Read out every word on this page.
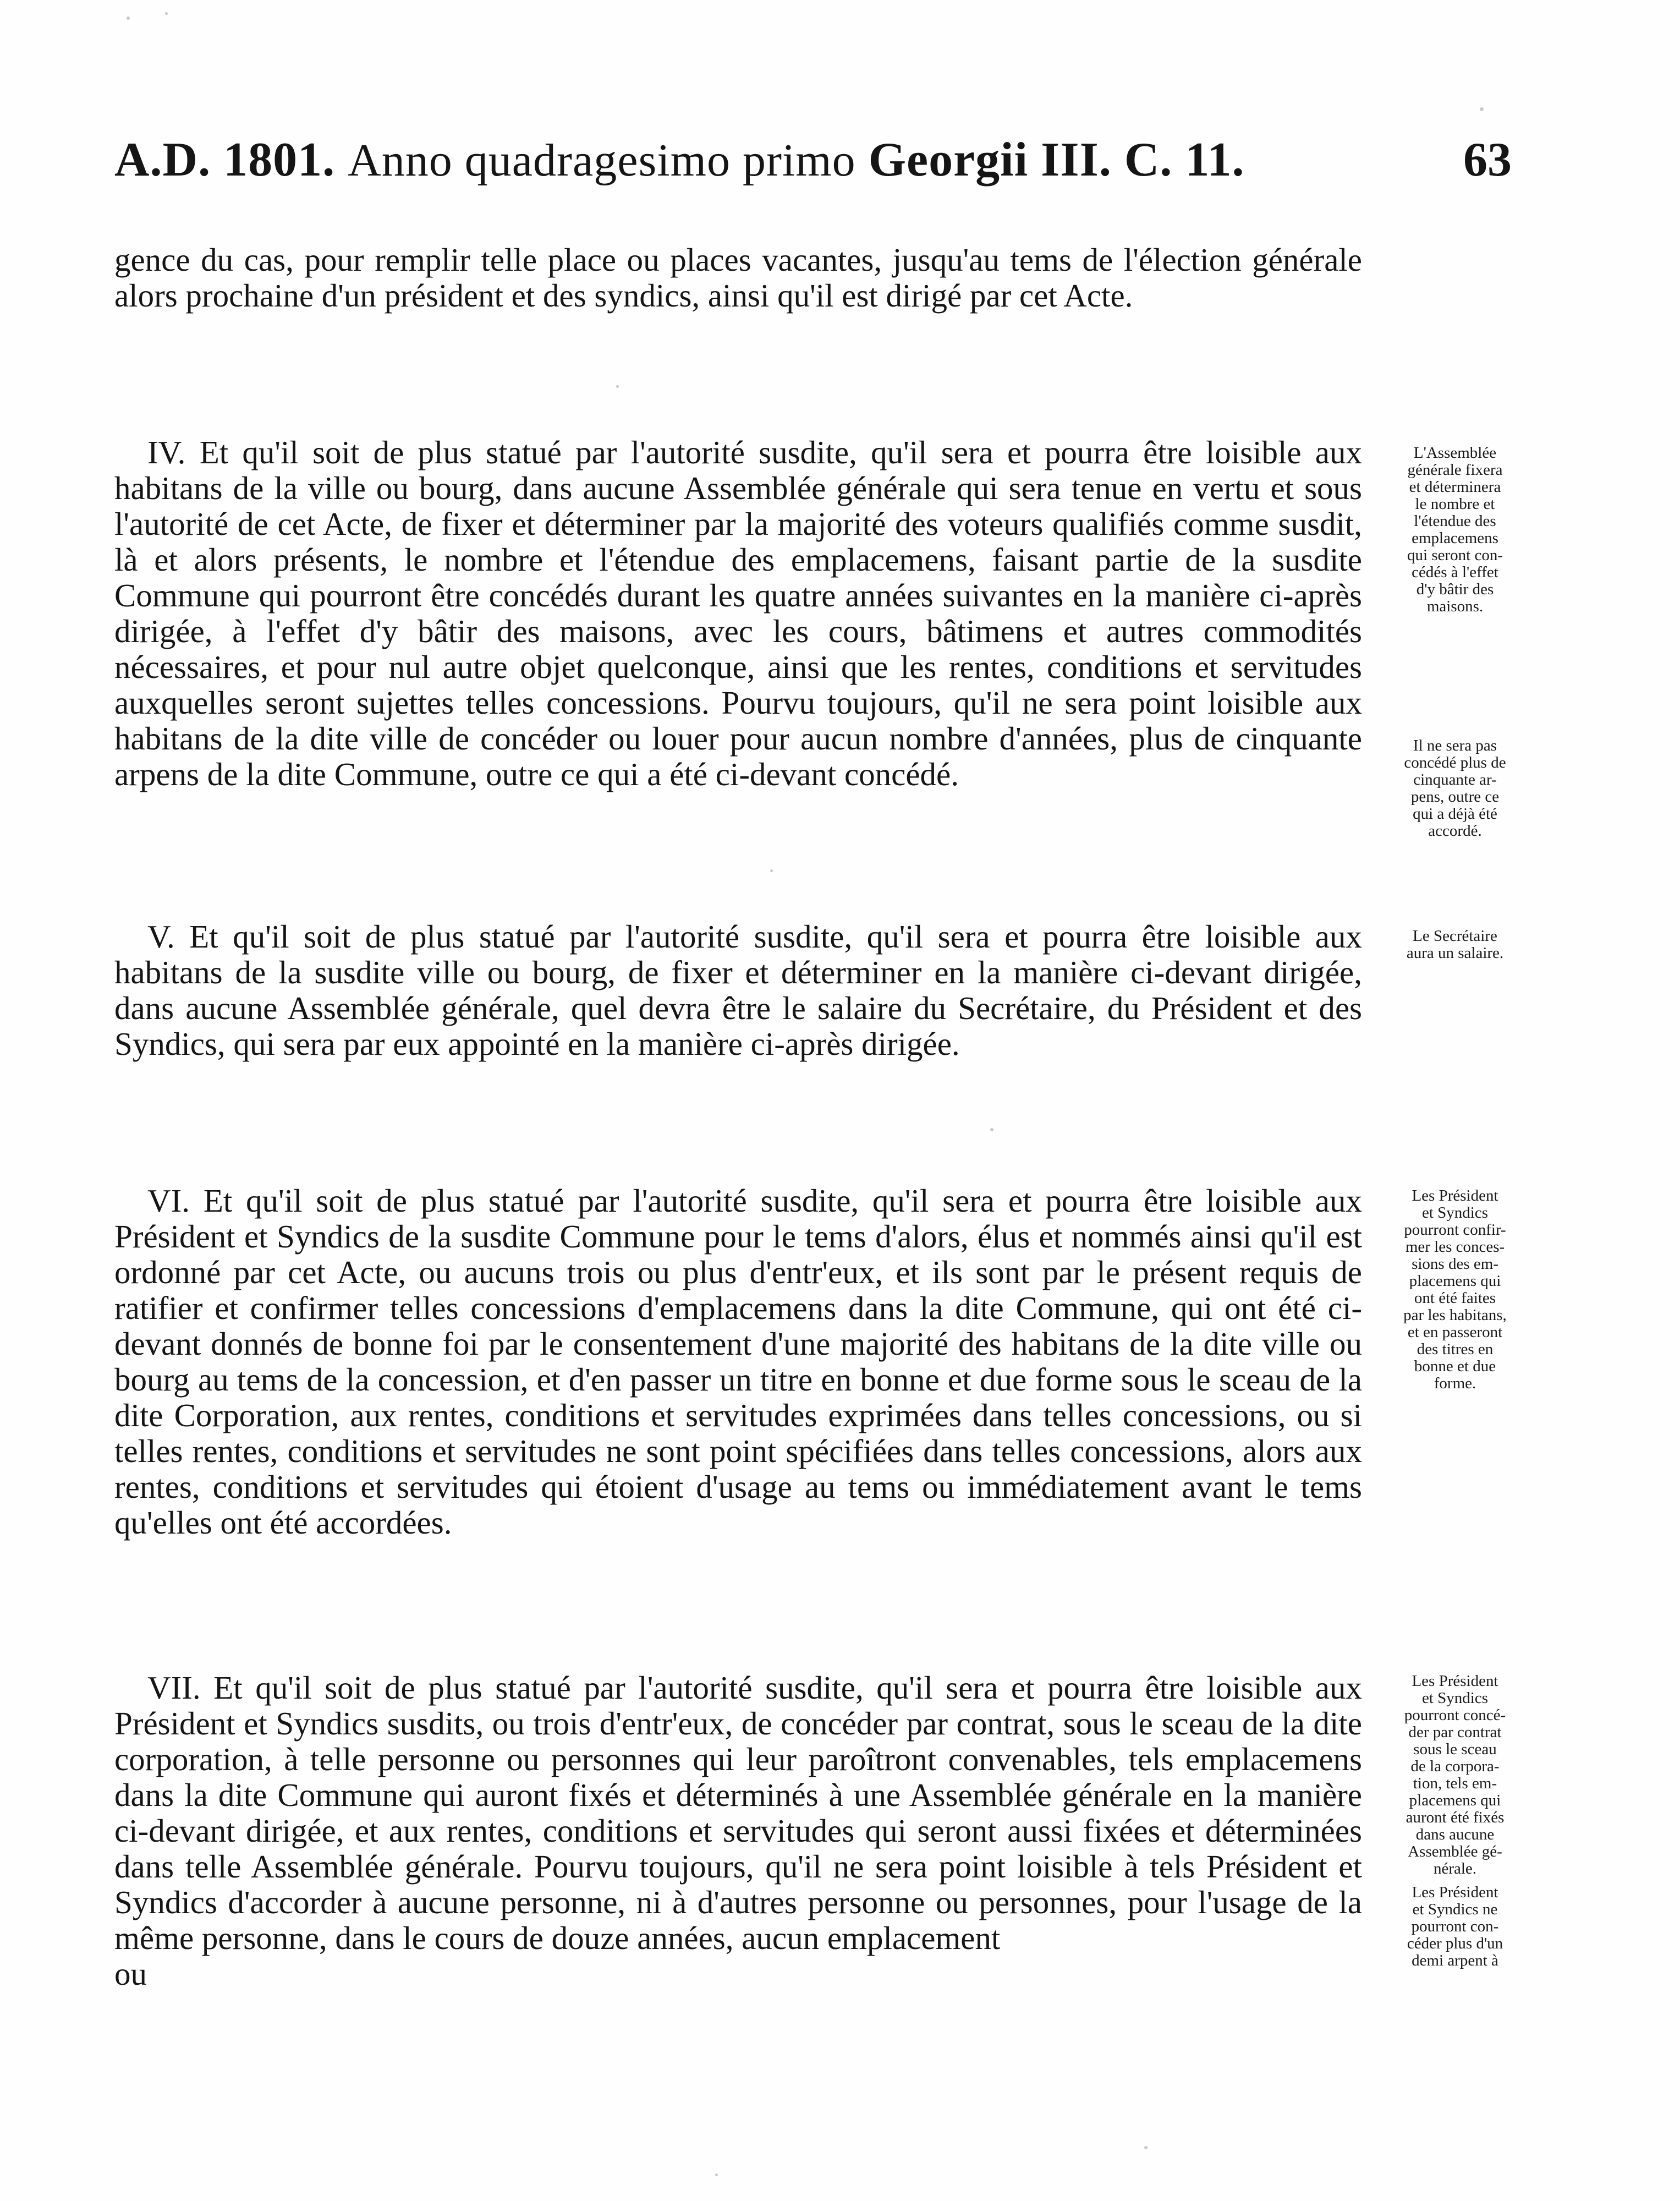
A.D. 1801. Anno quadragesimo primo Georgii III. C. 11.	63

gence du cas, pour remplir telle place ou places vacantes, jusqu'au tems de l'élection générale alors prochaine d'un président et des syndics, ainsi qu'il est dirigé par cet Acte.

IV. Et qu'il soit de plus statué par l'autorité susdite, qu'il sera et pourra être loisible aux habitans de la ville ou bourg, dans aucune Assemblée générale qui sera tenue en vertu et sous l'autorité de cet Acte, de fixer et déterminer par la majorité des voteurs qualifiés comme susdit, là et alors présents, le nombre et l'étendue des emplacemens, faisant partie de la susdite Commune qui pourront être concédés durant les quatre années suivantes en la manière ci-après dirigée, à l'effet d'y bâtir des maisons, avec les cours, bâtimens et autres commodités nécessaires, et pour nul autre objet quelconque, ainsi que les rentes, conditions et servitudes auxquelles seront sujettes telles concessions. Pourvu toujours, qu'il ne sera point loisible aux habitans de la dite ville de concéder ou louer pour aucun nombre d'années, plus de cinquante arpens de la dite Commune, outre ce qui a été ci-devant concédé.

V. Et qu'il soit de plus statué par l'autorité susdite, qu'il sera et pourra être loisible aux habitans de la susdite ville ou bourg, de fixer et déterminer en la manière ci-devant dirigée, dans aucune Assemblée générale, quel devra être le salaire du Secrétaire, du Président et des Syndics, qui sera par eux appointé en la manière ci-après dirigée.

VI. Et qu'il soit de plus statué par l'autorité susdite, qu'il sera et pourra être loisible aux Président et Syndics de la susdite Commune pour le tems d'alors, élus et nommés ainsi qu'il est ordonné par cet Acte, ou aucuns trois ou plus d'entr'eux, et ils sont par le présent requis de ratifier et confirmer telles concessions d'emplacemens dans la dite Commune, qui ont été ci-devant donnés de bonne foi par le consentement d'une majorité des habitans de la dite ville ou bourg au tems de la concession, et d'en passer un titre en bonne et due forme sous le sceau de la dite Corporation, aux rentes, conditions et servitudes exprimées dans telles concessions, ou si telles rentes, conditions et servitudes ne sont point spécifiées dans telles concessions, alors aux rentes, conditions et servitudes qui étoient d'usage au tems ou immédiatement avant le tems qu'elles ont été accordées.

VII. Et qu'il soit de plus statué par l'autorité susdite, qu'il sera et pourra être loisible aux Président et Syndics susdits, ou trois d'entr'eux, de concéder par contrat, sous le sceau de la dite corporation, à telle personne ou personnes qui leur paroîtront convenables, tels emplacemens dans la dite Commune qui auront fixés et déterminés à une Assemblée générale en la manière ci-devant dirigée, et aux rentes, conditions et servitudes qui seront aussi fixées et déterminées dans telle Assemblée générale. Pourvu toujours, qu'il ne sera point loisible à tels Président et Syndics d'accorder à aucune personne, ni à d'autres personne ou personnes, pour l'usage de la même personne, dans le cours de douze années, aucun emplacement

ou
L'Assemblée
générale fixera
et déterminera
le nombre et
l'étendue des
emplacemens
qui seront con-
cédés à l'effet
d'y bâtir des
maisons.
Il ne sera pas
concédé plus de
cinquante ar-
pens, outre ce
qui a déjà été
accordé.
Le Secrétaire
aura un salaire.
Les Président
et Syndics
pourront confir-
mer les conces-
sions des em-
placemens qui
ont été faites
par les habitans,
et en passeront
des titres en
bonne et due
forme.
Les Président
et Syndics
pourront concé-
der par contrat
sous le sceau
de la corpora-
tion, tels em-
placemens qui
auront été fixés
dans aucune
Assemblée gé-
nérale.
Les Président
et Syndics ne
pourront con-
céder plus d'un
demi arpent à
